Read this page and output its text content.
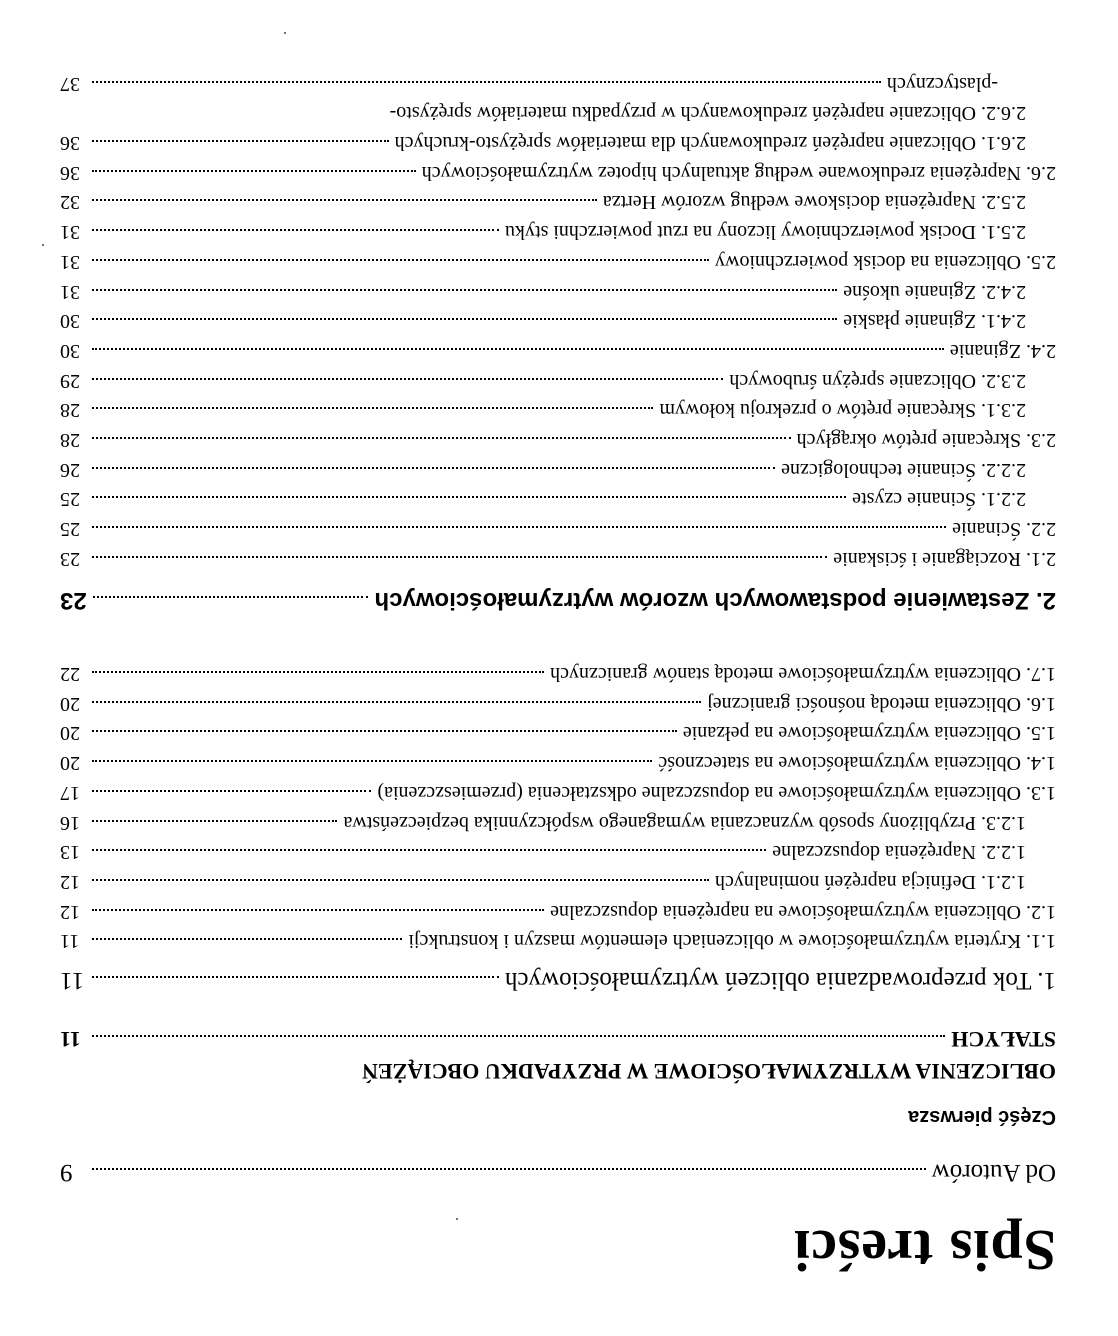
Spis treści
Od Autorów
9
Część pierwsza
OBLICZENIA WYTRZYMAŁOŚCIOWE W PRZYPADKU OBCIĄŻEŃ
STAŁYCH
11
1. Tok przeprowadzania obliczeń wytrzymałościowych
11
1.1. Kryteria wytrzymałościowe w obliczeniach elementów maszyn i konstrukcji
11
1.2. Obliczenia wytrzymałościowe na naprężenia dopuszczalne
12
1.2.1. Definicja naprężeń nominalnych
12
1.2.2. Naprężenia dopuszczalne
13
1.2.3. Przybliżony sposób wyznaczania wymaganego współczynnika bezpieczeństwa
16
1.3. Obliczenia wytrzymałościowe na dopuszczalne odkształcenia (przemieszczenia)
17
1.4. Obliczenia wytrzymałościowe na stateczność
20
1.5. Obliczenia wytrzymałościowe na pełzanie
20
1.6. Obliczenia metodą nośności granicznej
20
1.7. Obliczenia wytrzymałościowe metodą stanów granicznych
22
2. Zestawienie podstawowych wzorów wytrzymałościowych
23
2.1. Rozciąganie i ściskanie
23
2.2. Ścinanie
25
2.2.1. Ścinanie czyste
25
2.2.2. Ścinanie technologiczne
26
2.3. Skręcanie prętów okrągłych
28
2.3.1. Skręcanie prętów o przekroju kołowym
28
2.3.2. Obliczanie sprężyn śrubowych
29
2.4. Zginanie
30
2.4.1. Zginanie płaskie
30
2.4.2. Zginanie ukośne
31
2.5. Obliczenia na docisk powierzchniowy
31
2.5.1. Docisk powierzchniowy liczony na rzut powierzchni styku
31
2.5.2. Naprężenia dociskowe według wzorów Hertza
32
2.6. Naprężenia zredukowane według aktualnych hipotez wytrzymałościowych
36
2.6.1. Obliczanie naprężeń zredukowanych dla materiałów sprężysto-kruchych
36
2.6.2. Obliczanie naprężeń zredukowanych w przypadku materiałów sprężysto-
-plastycznych
37
